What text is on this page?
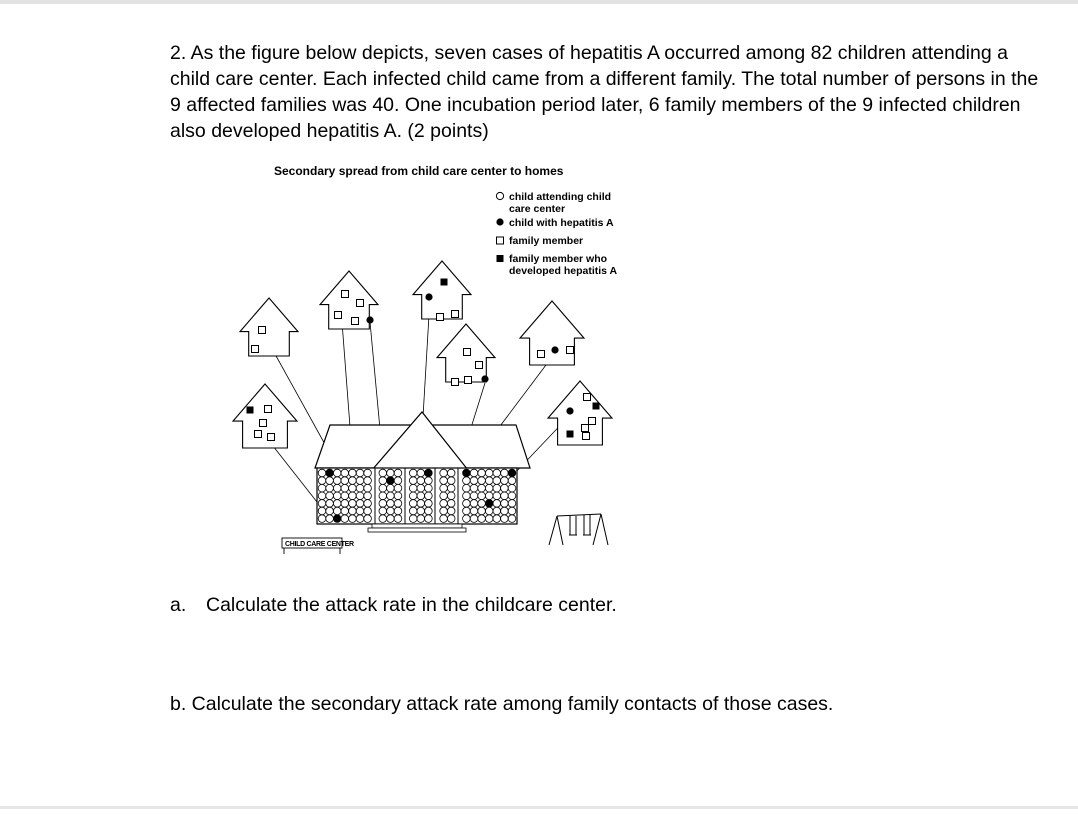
2. As the figure below depicts, seven cases of hepatitis A occurred among 82 children attending a child care center. Each infected child came from a different family. The total number of persons in the 9 affected families was 40. One incubation period later, 6 family members of the 9 infected children also developed hepatitis A. (2 points)

Secondary spread from child care center to homes
child attending child
care center
child with hepatitis A
family member
family member who
developed hepatitis A
CHILD CARE CENTER

a. Calculate the attack rate in the childcare center.

b. Calculate the secondary attack rate among family contacts of those cases.
